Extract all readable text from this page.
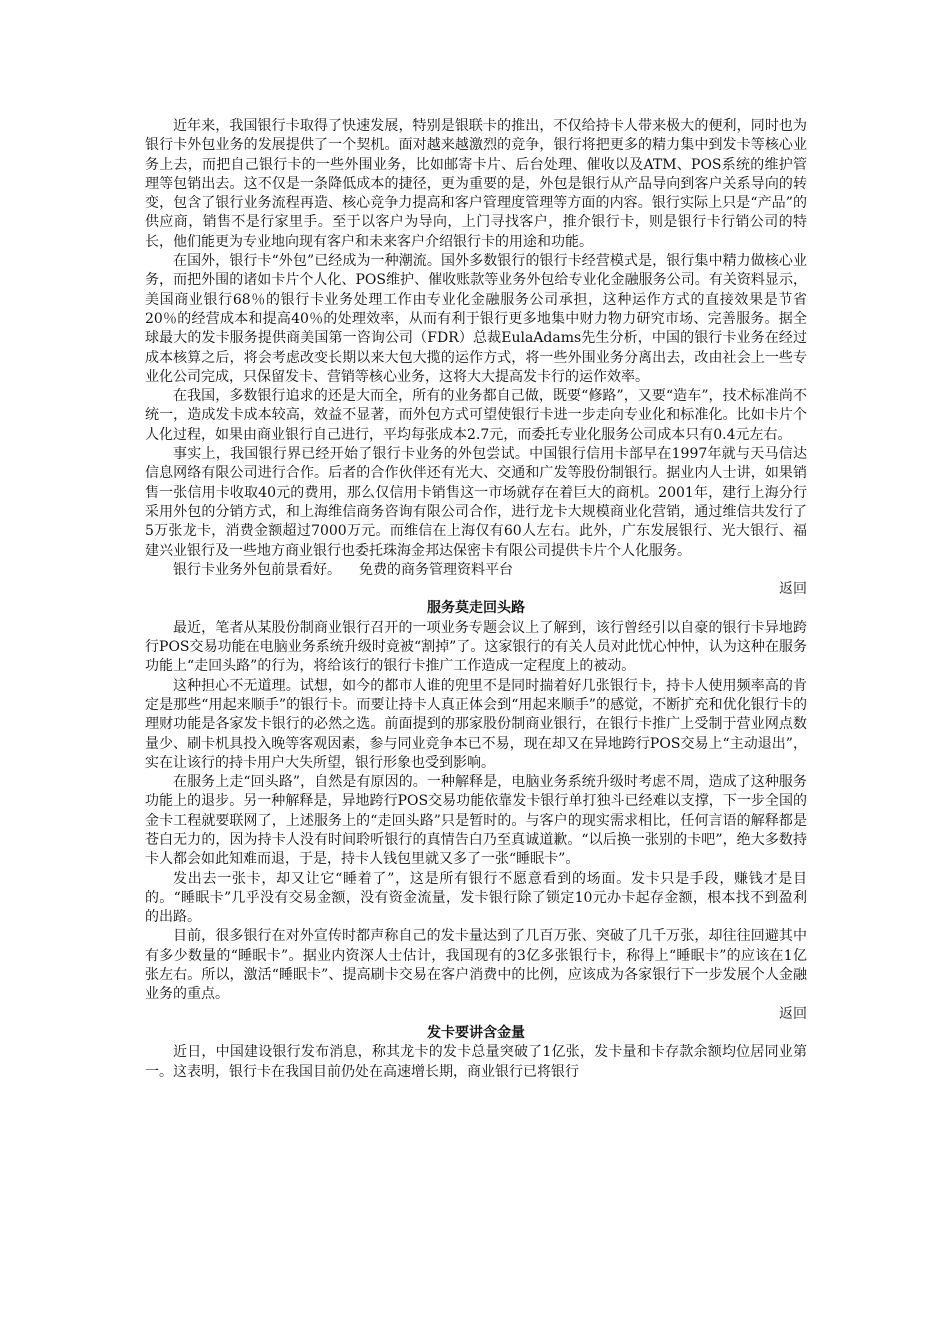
近年来，我国银行卡取得了快速发展，特别是银联卡的推出，不仅给持卡人带来极大的便利，同时也为银行卡外包业务的发展提供了一个契机。面对越来越激烈的竞争，银行将把更多的精力集中到发卡等核心业务上去，而把自己银行卡的一些外围业务，比如邮寄卡片、后台处理、催收以及ATM、POS系统的维护管理等包销出去。这不仅是一条降低成本的捷径，更为重要的是，外包是银行从产品导向到客户关系导向的转变，包含了银行业务流程再造、核心竞争力提高和客户管理度管理等方面的内容。银行实际上只是“产品”的供应商，销售不是行家里手。至于以客户为导向，上门寻找客户，推介银行卡，则是银行卡行销公司的特长，他们能更为专业地向现有客户和未来客户介绍银行卡的用途和功能。

在国外，银行卡“外包”已经成为一种潮流。国外多数银行的银行卡经营模式是，银行集中精力做核心业务，而把外围的诸如卡片个人化、POS维护、催收账款等业务外包给专业化金融服务公司。有关资料显示，美国商业银行68％的银行卡业务处理工作由专业化金融服务公司承担，这种运作方式的直接效果是节省20％的经营成本和提高40％的处理效率，从而有利于银行更多地集中财力物力研究市场、完善服务。据全球最大的发卡服务提供商美国第一咨询公司（FDR）总裁EulaAdams先生分析，中国的银行卡业务在经过成本核算之后，将会考虑改变长期以来大包大揽的运作方式，将一些外围业务分离出去，改由社会上一些专业化公司完成，只保留发卡、营销等核心业务，这将大大提高发卡行的运作效率。

在我国，多数银行追求的还是大而全，所有的业务都自己做，既要“修路”，又要“造车”，技术标准尚不统一，造成发卡成本较高，效益不显著，而外包方式可望使银行卡进一步走向专业化和标准化。比如卡片个人化过程，如果由商业银行自己进行，平均每张成本2.7元，而委托专业化服务公司成本只有0.4元左右。

事实上，我国银行界已经开始了银行卡业务的外包尝试。中国银行信用卡部早在1997年就与天马信达信息网络有限公司进行合作。后者的合作伙伴还有光大、交通和广发等股份制银行。据业内人士讲，如果销售一张信用卡收取40元的费用，那么仅信用卡销售这一市场就存在着巨大的商机。2001年，建行上海分行采用外包的分销方式，和上海维信商务咨询有限公司合作，进行龙卡大规模商业化营销，通过维信共发行了5万张龙卡，消费金额超过7000万元。而维信在上海仅有60人左右。此外，广东发展银行、光大银行、福建兴业银行及一些地方商业银行也委托珠海金邦达保密卡有限公司提供卡片个人化服务。

银行卡业务外包前景看好。 免费的商务管理资料平台

返回

服务莫走回头路

最近，笔者从某股份制商业银行召开的一项业务专题会议上了解到，该行曾经引以自豪的银行卡异地跨行POS交易功能在电脑业务系统升级时竟被“割掉”了。这家银行的有关人员对此忧心忡忡，认为这种在服务功能上“走回头路”的行为，将给该行的银行卡推广工作造成一定程度上的被动。

这种担心不无道理。试想，如今的都市人谁的兜里不是同时揣着好几张银行卡，持卡人使用频率高的肯定是那些“用起来顺手”的银行卡。而要让持卡人真正体会到“用起来顺手”的感觉，不断扩充和优化银行卡的理财功能是各家发卡银行的必然之选。前面提到的那家股份制商业银行，在银行卡推广上受制于营业网点数量少、刷卡机具投入晚等客观因素，参与同业竞争本已不易，现在却又在异地跨行POS交易上“主动退出”，实在让该行的持卡用户大失所望，银行形象也受到影响。

在服务上走“回头路”，自然是有原因的。一种解释是，电脑业务系统升级时考虑不周，造成了这种服务功能上的退步。另一种解释是，异地跨行POS交易功能依靠发卡银行单打独斗已经难以支撑，下一步全国的金卡工程就要联网了，上述服务上的“走回头路”只是暂时的。与客户的现实需求相比，任何言语的解释都是苍白无力的，因为持卡人没有时间聆听银行的真情告白乃至真诚道歉。“以后换一张别的卡吧”，绝大多数持卡人都会如此知难而退，于是，持卡人钱包里就又多了一张“睡眠卡”。

发出去一张卡，却又让它“睡着了”，这是所有银行不愿意看到的场面。发卡只是手段，赚钱才是目的。“睡眠卡”几乎没有交易金额，没有资金流量，发卡银行除了锁定10元办卡起存金额，根本找不到盈利的出路。

目前，很多银行在对外宣传时都声称自己的发卡量达到了几百万张、突破了几千万张，却往往回避其中有多少数量的“睡眠卡”。据业内资深人士估计，我国现有的3亿多张银行卡，称得上“睡眠卡”的应该在1亿张左右。所以，激活“睡眠卡”、提高刷卡交易在客户消费中的比例，应该成为各家银行下一步发展个人金融业务的重点。

返回

发卡要讲含金量

近日，中国建设银行发布消息，称其龙卡的发卡总量突破了1亿张，发卡量和卡存款余额均位居同业第一。这表明，银行卡在我国目前仍处在高速增长期，商业银行已将银行
